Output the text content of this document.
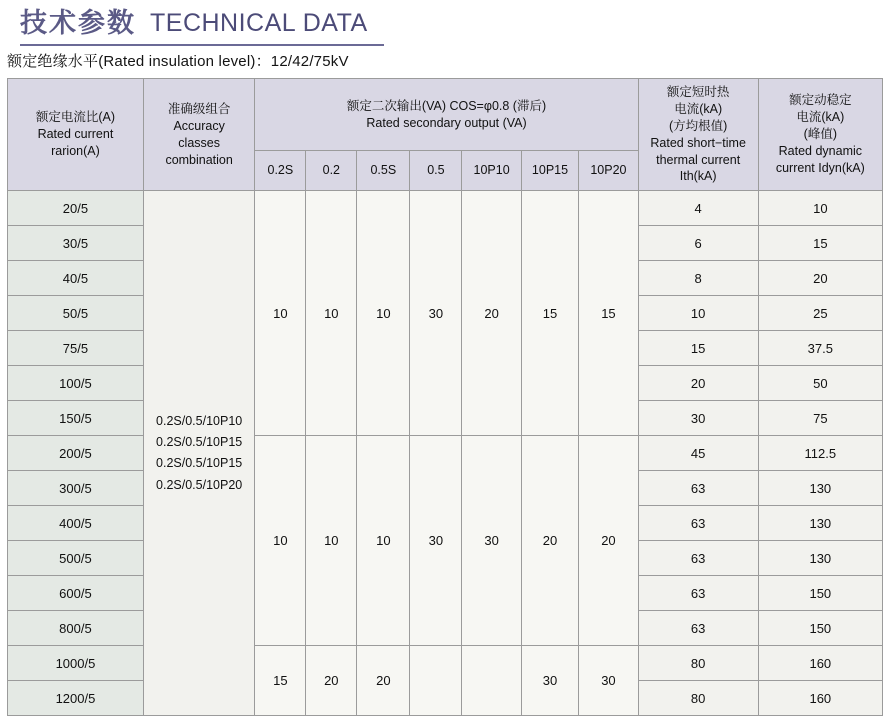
技术参数 TECHNICAL DATA
额定绝缘水平(Rated insulation level)：12/42/75kV
额定电流比(A)
Rated current
rarion(A)

准确级组合
Accuracy
classes
combination

额定二次输出(VA) COS=φ0.8 (滞后)
Rated secondary output (VA)

额定短时热
电流(kA)
(方均根值)
Rated short−time
thermal current
Ith(kA)

额定动稳定
电流(kA)
(峰值)
Rated dynamic
current Idyn(kA)

		0.2S	0.2	0.5S	0.5	10P10	10P15	10P20		
20/5	0.2S/0.5/10P10
0.2S/0.5/10P15
0.2S/0.5/10P15
0.2S/0.5/10P20	10	10	10	30	20	15	15	4	10
30/5									6	15
40/5									8	20
50/5									10	25
75/5									15	37.5
100/5									20	50
150/5									30	75
200/5		10	10	10	30	30	20	20	45	112.5
300/5									63	130
400/5									63	130
500/5									63	130
600/5									63	150
800/5									63	150
1000/5		15	20	20			30	30	80	160
1200/5									80	160
